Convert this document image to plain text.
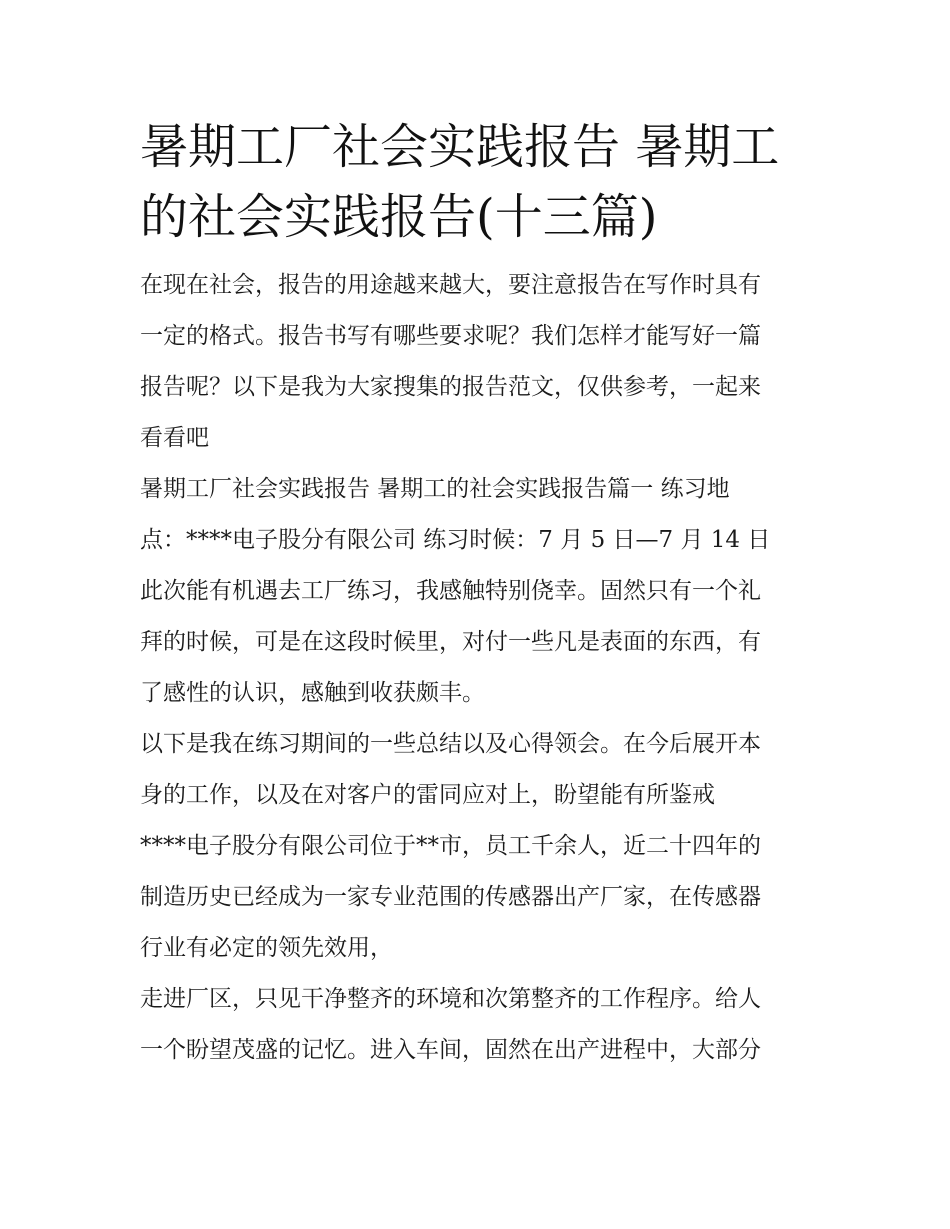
暑期工厂社会实践报告 暑期工
的社会实践报告(十三篇)
在现在社会，报告的用途越来越大，要注意报告在写作时具有
一定的格式。报告书写有哪些要求呢？我们怎样才能写好一篇
报告呢？以下是我为大家搜集的报告范文，仅供参考，一起来
看看吧
暑期工厂社会实践报告 暑期工的社会实践报告篇一 练习地
点：****电子股分有限公司 练习时候：7 月 5 日—7 月 14 日
此次能有机遇去工厂练习，我感触特别侥幸。固然只有一个礼
拜的时候，可是在这段时候里，对付一些凡是表面的东西，有
了感性的认识，感触到收获颇丰。
以下是我在练习期间的一些总结以及心得领会。在今后展开本
身的工作，以及在对客户的雷同应对上，盼望能有所鉴戒
****电子股分有限公司位于**市，员工千余人，近二十四年的
制造历史已经成为一家专业范围的传感器出产厂家，在传感器
行业有必定的领先效用，
走进厂区，只见干净整齐的环境和次第整齐的工作程序。给人
一个盼望茂盛的记忆。进入车间，固然在出产进程中，大部分
